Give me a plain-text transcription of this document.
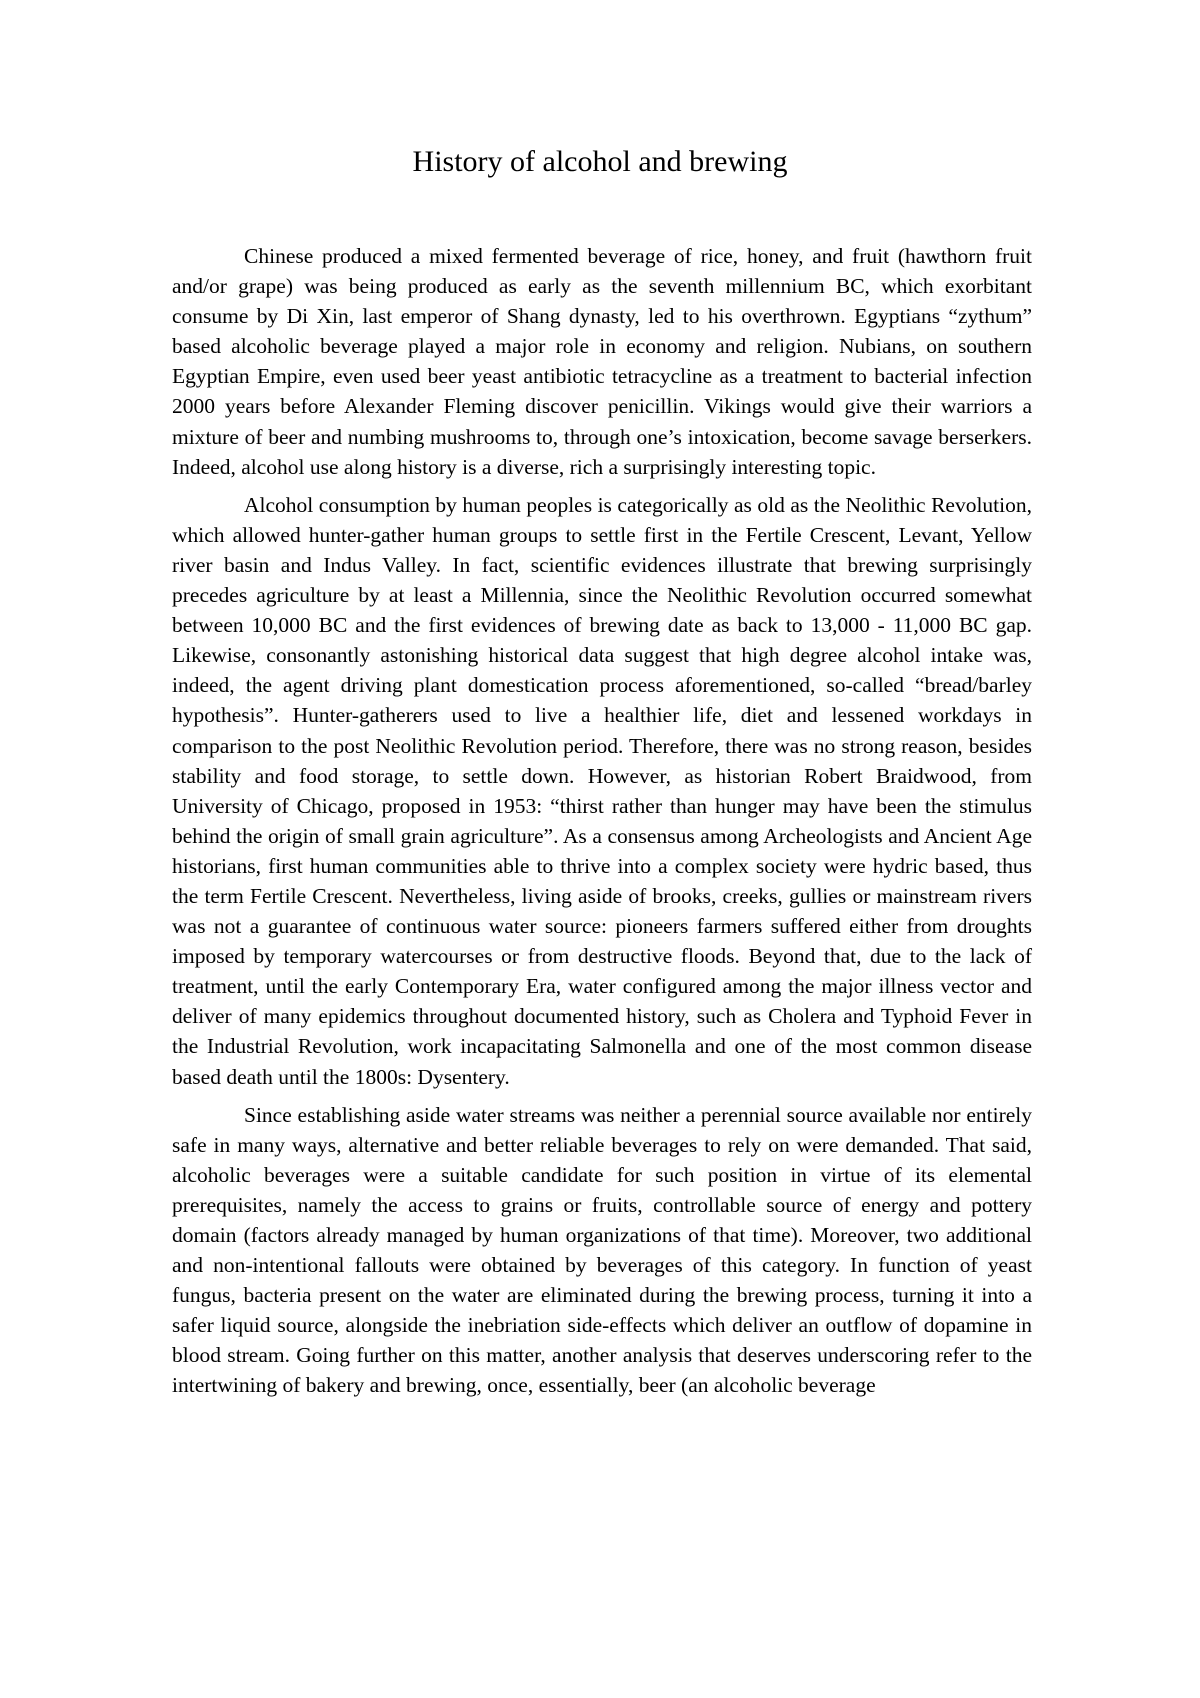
History of alcohol and brewing

Chinese produced a mixed fermented beverage of rice, honey, and fruit (hawthorn fruit and/or grape) was being produced as early as the seventh millennium BC, which exorbitant consume by Di Xin, last emperor of Shang dynasty, led to his overthrown. Egyptians “zythum” based alcoholic beverage played a major role in economy and religion. Nubians, on southern Egyptian Empire, even used beer yeast antibiotic tetracycline as a treatment to bacterial infection 2000 years before Alexander Fleming discover penicillin. Vikings would give their warriors a mixture of beer and numbing mushrooms to, through one’s intoxication, become savage berserkers. Indeed, alcohol use along history is a diverse, rich a surprisingly interesting topic.

Alcohol consumption by human peoples is categorically as old as the Neolithic Revolution, which allowed hunter-gather human groups to settle first in the Fertile Crescent, Levant, Yellow river basin and Indus Valley. In fact, scientific evidences illustrate that brewing surprisingly precedes agriculture by at least a Millennia, since the Neolithic Revolution occurred somewhat between 10,000 BC and the first evidences of brewing date as back to 13,000 - 11,000 BC gap. Likewise, consonantly astonishing historical data suggest that high degree alcohol intake was, indeed, the agent driving plant domestication process aforementioned, so-called “bread/barley hypothesis”. Hunter-gatherers used to live a healthier life, diet and lessened workdays in comparison to the post Neolithic Revolution period. Therefore, there was no strong reason, besides stability and food storage, to settle down. However, as historian Robert Braidwood, from University of Chicago, proposed in 1953: “thirst rather than hunger may have been the stimulus behind the origin of small grain agriculture”. As a consensus among Archeologists and Ancient Age historians, first human communities able to thrive into a complex society were hydric based, thus the term Fertile Crescent. Nevertheless, living aside of brooks, creeks, gullies or mainstream rivers was not a guarantee of continuous water source: pioneers farmers suffered either from droughts imposed by temporary watercourses or from destructive floods. Beyond that, due to the lack of treatment, until the early Contemporary Era, water configured among the major illness vector and deliver of many epidemics throughout documented history, such as Cholera and Typhoid Fever in the Industrial Revolution, work incapacitating Salmonella and one of the most common disease based death until the 1800s: Dysentery.

Since establishing aside water streams was neither a perennial source available nor entirely safe in many ways, alternative and better reliable beverages to rely on were demanded. That said, alcoholic beverages were a suitable candidate for such position in virtue of its elemental prerequisites, namely the access to grains or fruits, controllable source of energy and pottery domain (factors already managed by human organizations of that time). Moreover, two additional and non-intentional fallouts were obtained by beverages of this category. In function of yeast fungus, bacteria present on the water are eliminated during the brewing process, turning it into a safer liquid source, alongside the inebriation side-effects which deliver an outflow of dopamine in blood stream. Going further on this matter, another analysis that deserves underscoring refer to the intertwining of bakery and brewing, once, essentially, beer (an alcoholic beverage
